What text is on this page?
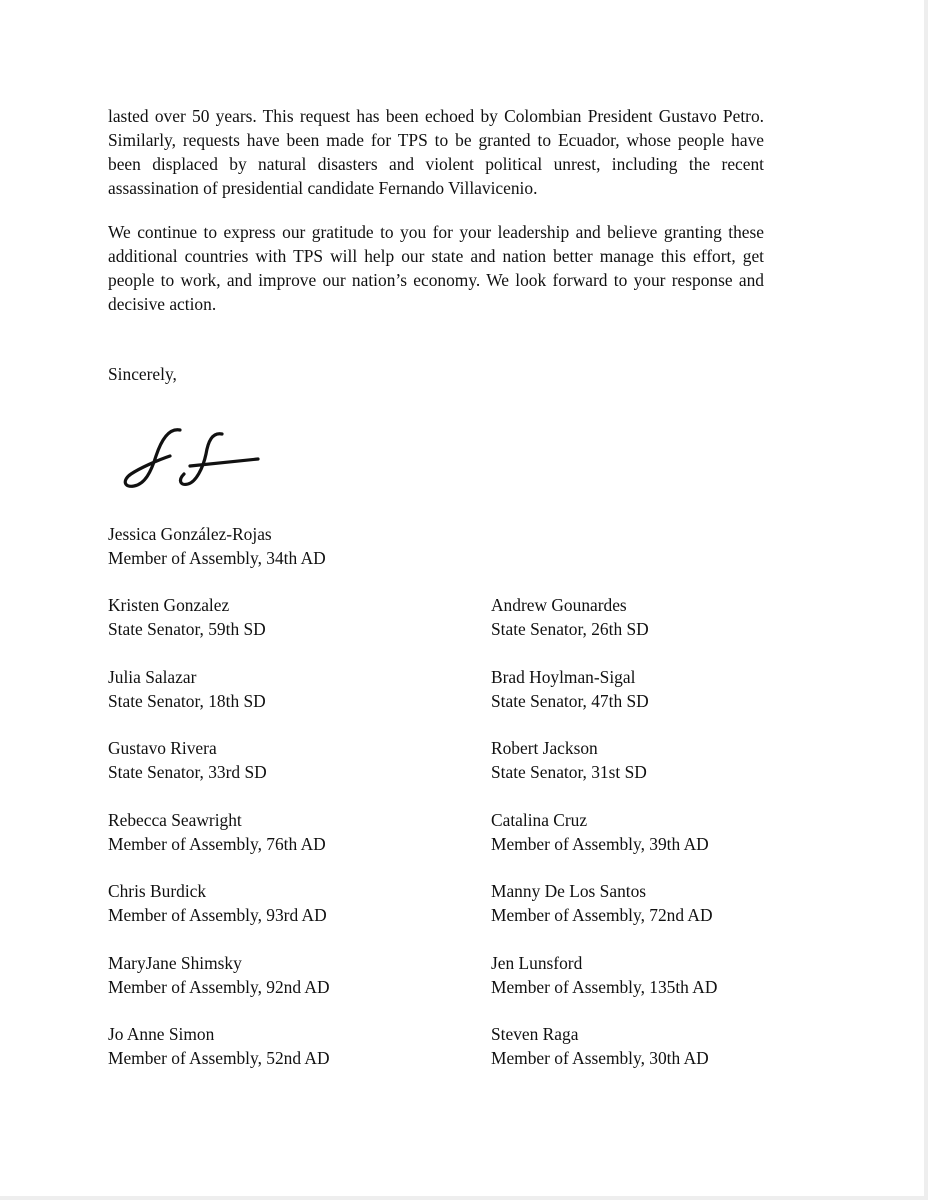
lasted over 50 years. This request has been echoed by Colombian President Gustavo Petro. Similarly, requests have been made for TPS to be granted to Ecuador, whose people have been displaced by natural disasters and violent political unrest, including the recent assassination of presidential candidate Fernando Villavicenio.

We continue to express our gratitude to you for your leadership and believe granting these additional countries with TPS will help our state and nation better manage this effort, get people to work, and improve our nation’s economy. We look forward to your response and decisive action.

Sincerely,
Jessica González-Rojas
Member of Assembly, 34th AD
Kristen Gonzalez
State Senator, 59th SD
Julia Salazar
State Senator, 18th SD
Gustavo Rivera
State Senator, 33rd SD
Rebecca Seawright
Member of Assembly, 76th AD
Chris Burdick
Member of Assembly, 93rd AD
MaryJane Shimsky
Member of Assembly, 92nd AD
Jo Anne Simon
Member of Assembly, 52nd AD
Andrew Gounardes
State Senator, 26th SD
Brad Hoylman-Sigal
State Senator, 47th SD
Robert Jackson
State Senator, 31st SD
Catalina Cruz
Member of Assembly, 39th AD
Manny De Los Santos
Member of Assembly, 72nd AD
Jen Lunsford
Member of Assembly, 135th AD
Steven Raga
Member of Assembly, 30th AD
